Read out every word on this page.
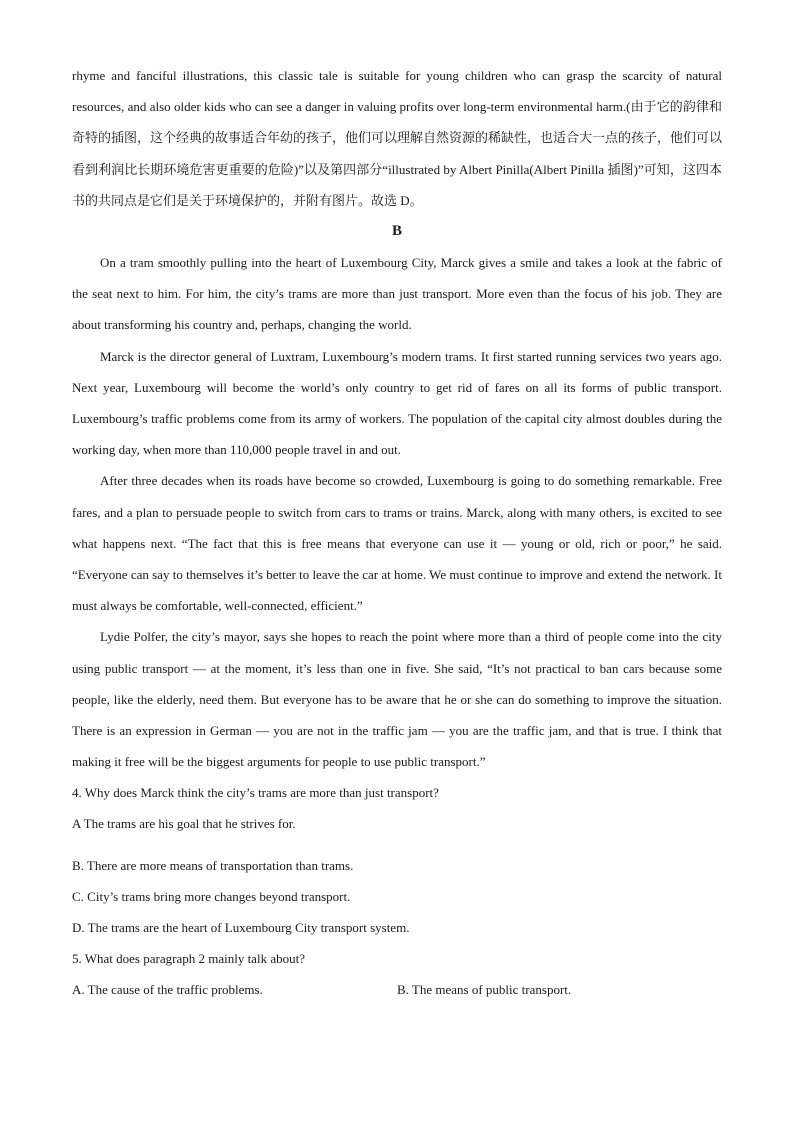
rhyme and fanciful illustrations, this classic tale is suitable for young children who can grasp the scarcity of natural resources, and also older kids who can see a danger in valuing profits over long-term environmental harm.(由于它的韵律和奇特的插图，这个经典的故事适合年幼的孩子，他们可以理解自然资源的稀缺性，也适合大一点的孩子，他们可以看到利润比长期环境危害更重要的危险)”以及第四部分“illustrated by Albert Pinilla(Albert Pinilla 插图)”可知，这四本书的共同点是它们是关于环境保护的，并附有图片。故选 D。

B

On a tram smoothly pulling into the heart of Luxembourg City, Marck gives a smile and takes a look at the fabric of the seat next to him. For him, the city’s trams are more than just transport. More even than the focus of his job. They are about transforming his country and, perhaps, changing the world.

Marck is the director general of Luxtram, Luxembourg’s modern trams. It first started running services two years ago. Next year, Luxembourg will become the world’s only country to get rid of fares on all its forms of public transport. Luxembourg’s traffic problems come from its army of workers. The population of the capital city almost doubles during the working day, when more than 110,000 people travel in and out.

After three decades when its roads have become so crowded, Luxembourg is going to do something remarkable. Free fares, and a plan to persuade people to switch from cars to trams or trains. Marck, along with many others, is excited to see what happens next. “The fact that this is free means that everyone can use it — young or old, rich or poor,” he said. “Everyone can say to themselves it’s better to leave the car at home. We must continue to improve and extend the network. It must always be comfortable, well-connected, efficient.”

Lydie Polfer, the city’s mayor, says she hopes to reach the point where more than a third of people come into the city using public transport — at the moment, it’s less than one in five. She said, “It’s not practical to ban cars because some people, like the elderly, need them. But everyone has to be aware that he or she can do something to improve the situation. There is an expression in German — you are not in the traffic jam — you are the traffic jam, and that is true. I think that making it free will be the biggest arguments for people to use public transport.”

4. Why does Marck think the city’s trams are more than just transport?
A The trams are his goal that he strives for.
B. There are more means of transportation than trams.
C. City’s trams bring more changes beyond transport.
D. The trams are the heart of Luxembourg City transport system.
5. What does paragraph 2 mainly talk about?
A. The cause of the traffic problems.	B. The means of public transport.
